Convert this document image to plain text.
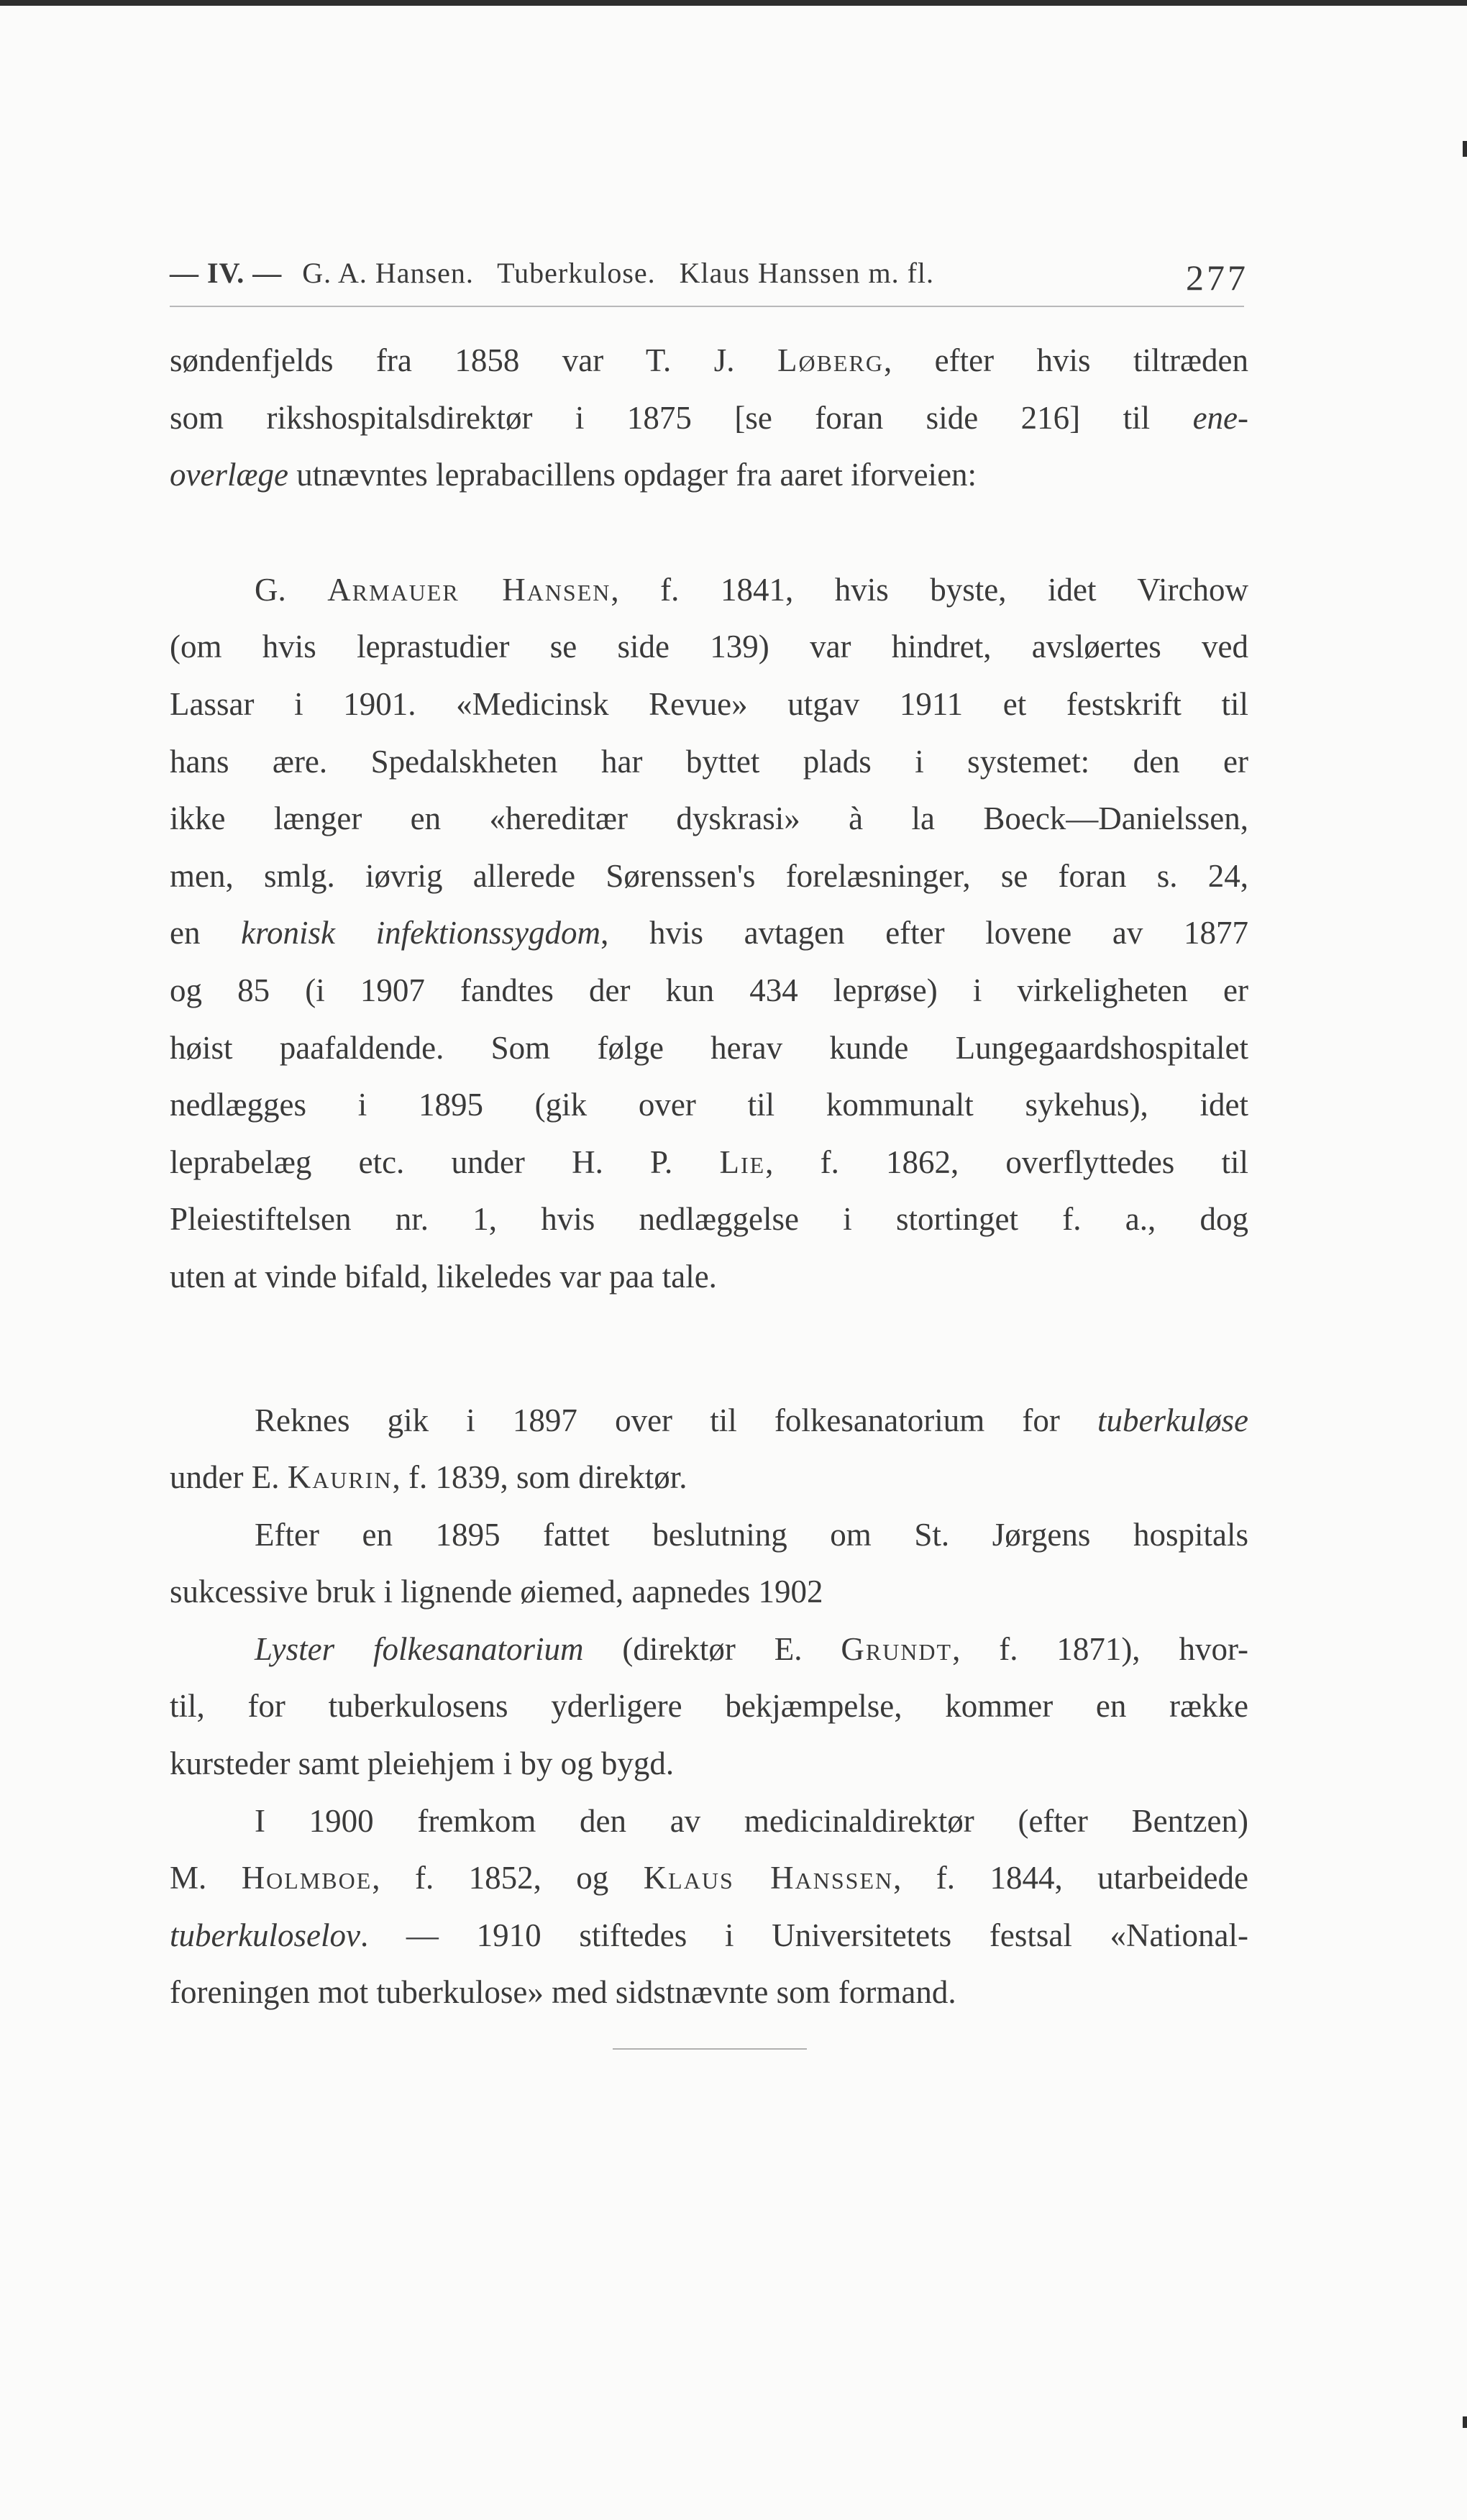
— IV. — G. A. Hansen.   Tuberkulose.   Klaus Hanssen m. fl.	277
søndenfjelds fra 1858 var T. J. Løberg, efter hvis tiltræden
som rikshospitalsdirektør i 1875 [se foran side 216] til ene-
overlæge utnævntes leprabacillens opdager fra aaret iforveien:
G. Armauer Hansen, f. 1841, hvis byste, idet Virchow
(om hvis leprastudier se side 139) var hindret, avsløertes ved
Lassar i 1901. «Medicinsk Revue» utgav 1911 et festskrift til
hans ære. Spedalskheten har byttet plads i systemet: den er
ikke længer en «hereditær dyskrasi» à la Boeck—Danielssen,
men, smlg. iøvrig allerede Sørenssen's forelæsninger, se foran s. 24,
en kronisk infektionssygdom, hvis avtagen efter lovene av 1877
og 85 (i 1907 fandtes der kun 434 leprøse) i virkeligheten er
høist paafaldende. Som følge herav kunde Lungegaardshospitalet
nedlægges i 1895 (gik over til kommunalt sykehus), idet
leprabelæg etc. under H. P. Lie, f. 1862, overflyttedes til
Pleiestiftelsen nr. 1, hvis nedlæggelse i stortinget f. a., dog
uten at vinde bifald, likeledes var paa tale.
Reknes gik i 1897 over til folkesanatorium for tuberkuløse
under E. Kaurin, f. 1839, som direktør.
Efter en 1895 fattet beslutning om St. Jørgens hospitals
sukcessive bruk i lignende øiemed, aapnedes 1902
Lyster folkesanatorium (direktør E. Grundt, f. 1871), hvor-
til, for tuberkulosens yderligere bekjæmpelse, kommer en række
kursteder samt pleiehjem i by og bygd.
I 1900 fremkom den av medicinaldirektør (efter Bentzen)
M. Holmboe, f. 1852, og Klaus Hanssen, f. 1844, utarbeidede
tuberkuloselov. — 1910 stiftedes i Universitetets festsal «National-
foreningen mot tuberkulose» med sidstnævnte som formand.
